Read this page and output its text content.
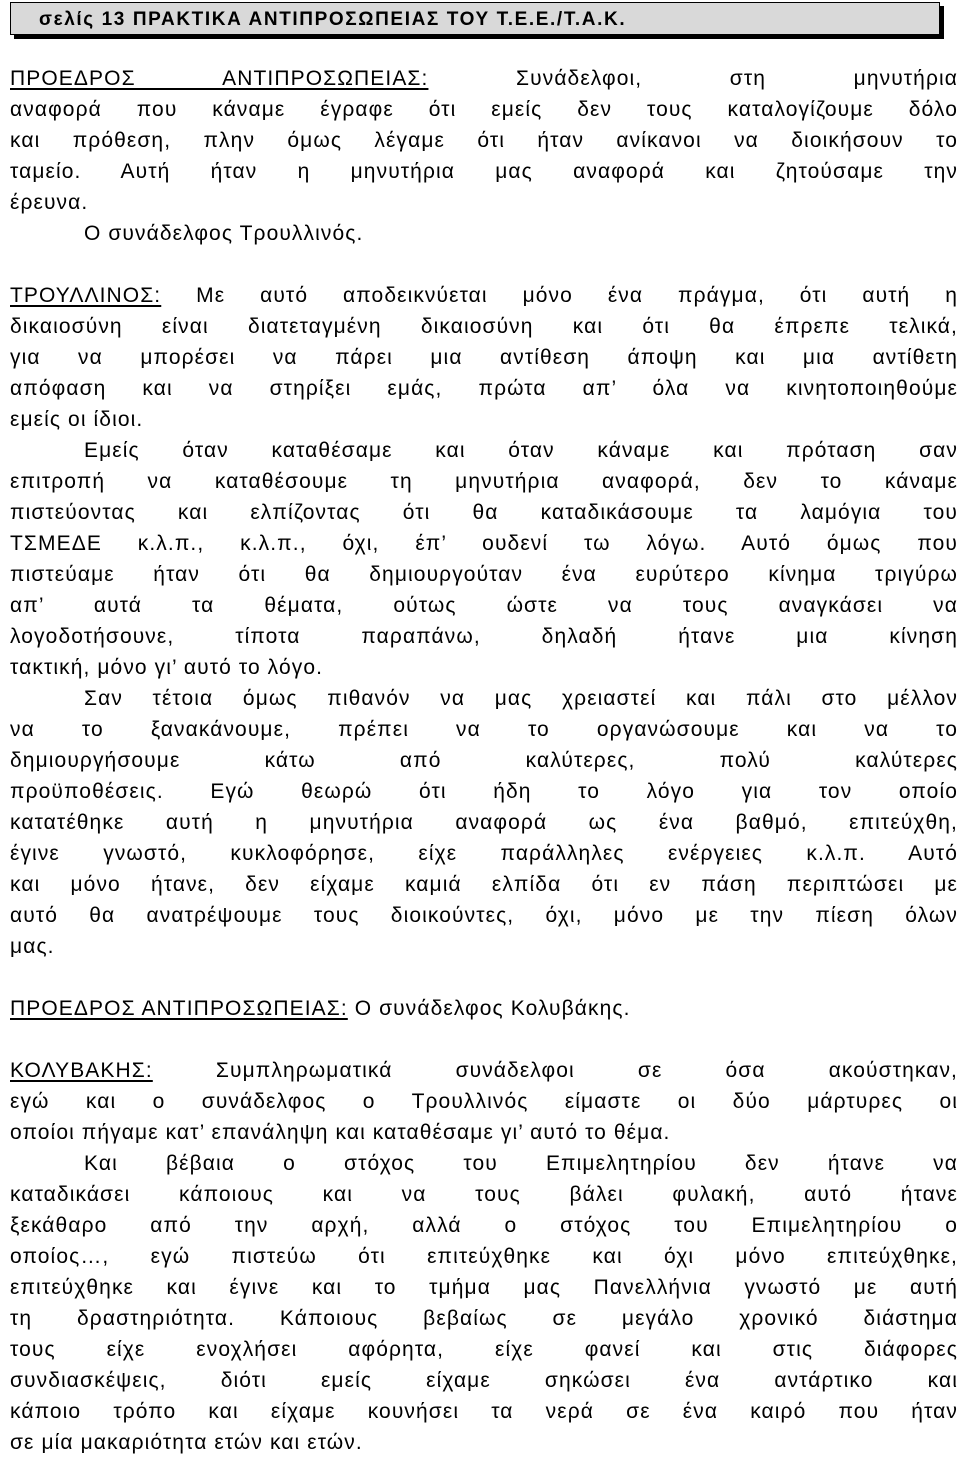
σελίς 13 ΠΡΑΚΤΙΚΑ ΑΝΤΙΠΡΟΣΩΠΕΙΑΣ ΤΟΥ Τ.Ε.Ε./Τ.Α.Κ.
ΠΡΟΕΔΡΟΣ ΑΝΤΙΠΡΟΣΩΠΕΙΑΣ:	Συνάδελφοι, στη μηνυτήρια
αναφορά που κάναμε έγραφε ότι εμείς δεν τους καταλογίζουμε δόλο
και πρόθεση, πλην όμως λέγαμε ότι ήταν ανίκανοι να διοικήσουν το
ταμείο. Αυτή ήταν η μηνυτήρια μας αναφορά και ζητούσαμε την
έρευνα.
Ο συνάδελφος Τρουλλινός.
ΤΡΟΥΛΛΙΝΟΣ: Με αυτό αποδεικνύεται μόνο ένα πράγμα, ότι αυτή η
δικαιοσύνη είναι διατεταγμένη δικαιοσύνη και ότι θα έπρεπε τελικά,
για να μπορέσει να πάρει μια αντίθεση άποψη και μια αντίθετη
απόφαση και να στηρίξει εμάς, πρώτα απ’ όλα να κινητοποιηθούμε
εμείς οι ίδιοι.
Εμείς όταν καταθέσαμε και όταν κάναμε και πρόταση σαν
επιτροπή να καταθέσουμε τη μηνυτήρια αναφορά, δεν το κάναμε
πιστεύοντας και ελπίζοντας ότι θα καταδικάσουμε τα λαμόγια του
ΤΣΜΕΔΕ κ.λ.π., κ.λ.π., όχι, έπ’ ουδενί τω λόγω. Αυτό όμως που
πιστεύαμε ήταν ότι θα δημιουργούταν ένα ευρύτερο κίνημα τριγύρω
απ’ αυτά τα θέματα, ούτως ώστε να τους αναγκάσει να
λογοδοτήσουνε, τίποτα παραπάνω, δηλαδή ήτανε μια κίνηση
τακτική, μόνο γι’ αυτό το λόγο.
Σαν τέτοια όμως πιθανόν να μας χρειαστεί και πάλι στο μέλλον
να το ξανακάνουμε, πρέπει να το οργανώσουμε και να το
δημιουργήσουμε κάτω από καλύτερες, πολύ καλύτερες
προϋποθέσεις. Εγώ θεωρώ ότι ήδη το λόγο για τον οποίο
κατατέθηκε αυτή η μηνυτήρια αναφορά ως ένα βαθμό, επιτεύχθη,
έγινε γνωστό, κυκλοφόρησε, είχε παράλληλες ενέργειες κ.λ.π. Αυτό
και μόνο ήτανε, δεν είχαμε καμιά ελπίδα ότι εν πάση περιπτώσει με
αυτό θα ανατρέψουμε τους διοικούντες, όχι, μόνο με την πίεση όλων
μας.
ΠΡΟΕΔΡΟΣ ΑΝΤΙΠΡΟΣΩΠΕΙΑΣ: Ο συνάδελφος Κολυβάκης.
ΚΟΛΥΒΑΚΗΣ:	Συμπληρωματικά συνάδελφοι σε όσα ακούστηκαν,
εγώ και ο συνάδελφος ο Τρουλλινός είμαστε οι δύο μάρτυρες οι
οποίοι πήγαμε κατ’ επανάληψη και καταθέσαμε γι’ αυτό το θέμα.
Και βέβαια ο στόχος του Επιμελητηρίου δεν ήτανε να
καταδικάσει κάποιους και να τους βάλει φυλακή, αυτό ήτανε
ξεκάθαρο από την αρχή, αλλά ο στόχος του Επιμελητηρίου ο
οποίος…, εγώ πιστεύω ότι επιτεύχθηκε και όχι μόνο επιτεύχθηκε,
επιτεύχθηκε και έγινε και το τμήμα μας Πανελλήνια γνωστό με αυτή
τη δραστηριότητα. Κάποιους βεβαίως σε μεγάλο χρονικό διάστημα
τους είχε ενοχλήσει αφόρητα, είχε φανεί και στις διάφορες
συνδιασκέψεις, διότι εμείς είχαμε σηκώσει ένα αντάρτικο και
κάποιο τρόπο και είχαμε κουνήσει τα νερά σε ένα καιρό που ήταν
σε μία μακαριότητα ετών και ετών.
